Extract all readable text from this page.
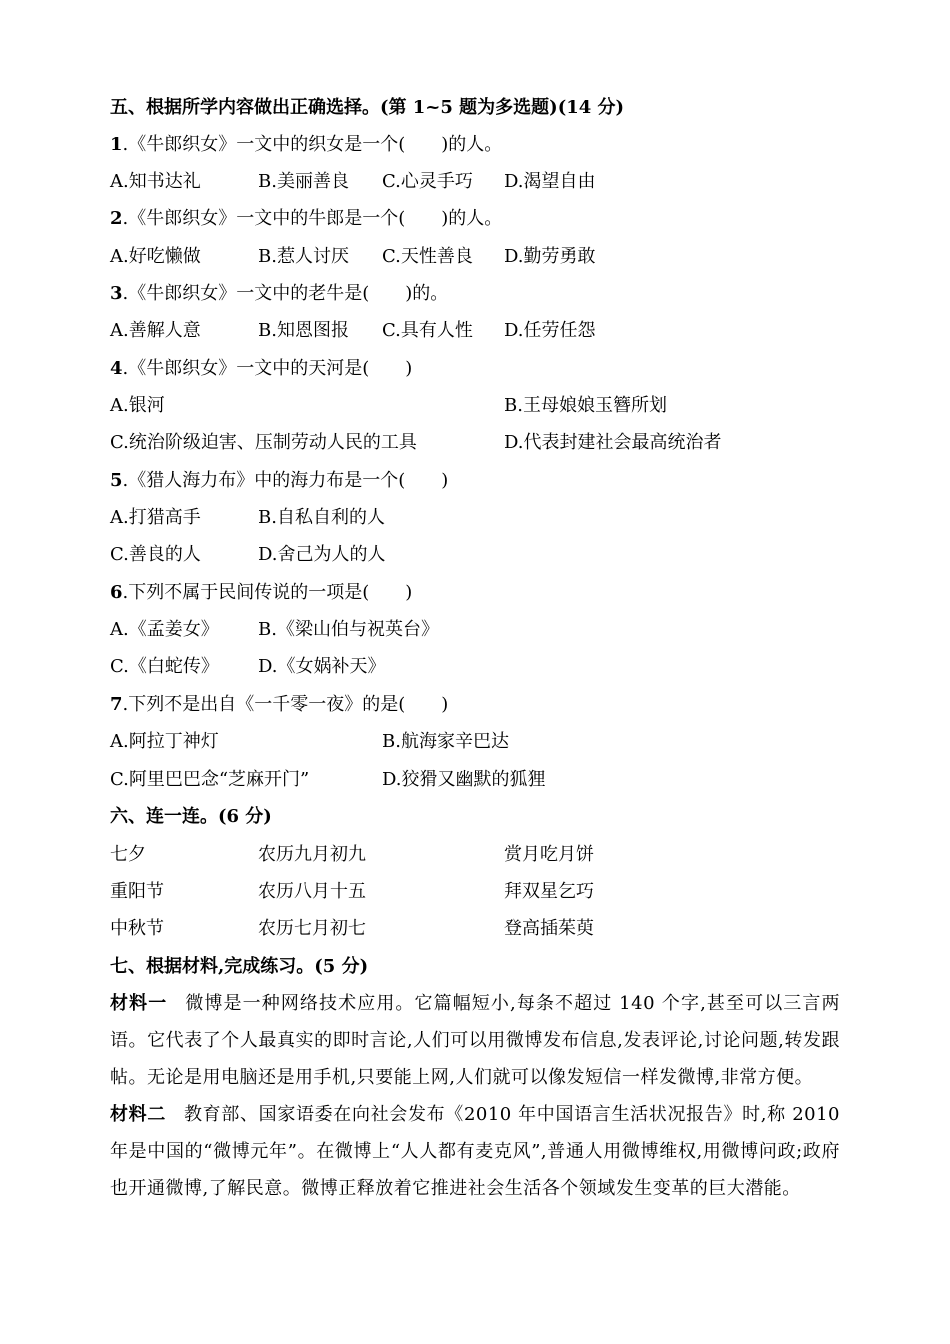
五、根据所学内容做出正确选择。(第 1~5 题为多选题)(14 分)
1.《牛郎织女》一文中的织女是一个(　　)的人。
A.知书达礼	B.美丽善良 C.心灵手巧 D.渴望自由
2.《牛郎织女》一文中的牛郎是一个(　　)的人。
A.好吃懒做	B.惹人讨厌 C.天性善良 D.勤劳勇敢
3.《牛郎织女》一文中的老牛是(　　)的。
A.善解人意	B.知恩图报 C.具有人性 D.任劳任怨
4.《牛郎织女》一文中的天河是(　　)
A.银河	B.王母娘娘玉簪所划
C.统治阶级迫害、压制劳动人民的工具	D.代表封建社会最高统治者
5.《猎人海力布》中的海力布是一个(　　)
A.打猎高手	B.自私自利的人
C.善良的人	D.舍己为人的人
6.下列不属于民间传说的一项是(　　)
A.《孟姜女》 B.《梁山伯与祝英台》
C.《白蛇传》 D.《女娲补天》
7.下列不是出自《一千零一夜》的是(　　)
A.阿拉丁神灯	B.航海家辛巴达
C.阿里巴巴念“芝麻开门”	D.狡猾又幽默的狐狸
六、连一连。(6 分)
七夕	农历九月初九	赏月吃月饼
重阳节	农历八月十五	拜双星乞巧
中秋节	农历七月初七	登高插茱萸
七、根据材料,完成练习。(5 分)
材料一 微博是一种网络技术应用。它篇幅短小,每条不超过 140 个字,甚至可以三言两语。它代表了个人最真实的即时言论,人们可以用微博发布信息,发表评论,讨论问题,转发跟帖。无论是用电脑还是用手机,只要能上网,人们就可以像发短信一样发微博,非常方便。
材料二 教育部、国家语委在向社会发布《2010 年中国语言生活状况报告》时,称 2010 年是中国的“微博元年”。在微博上“人人都有麦克风”,普通人用微博维权,用微博问政;政府也开通微博,了解民意。微博正释放着它推进社会生活各个领域发生变革的巨大潜能。
